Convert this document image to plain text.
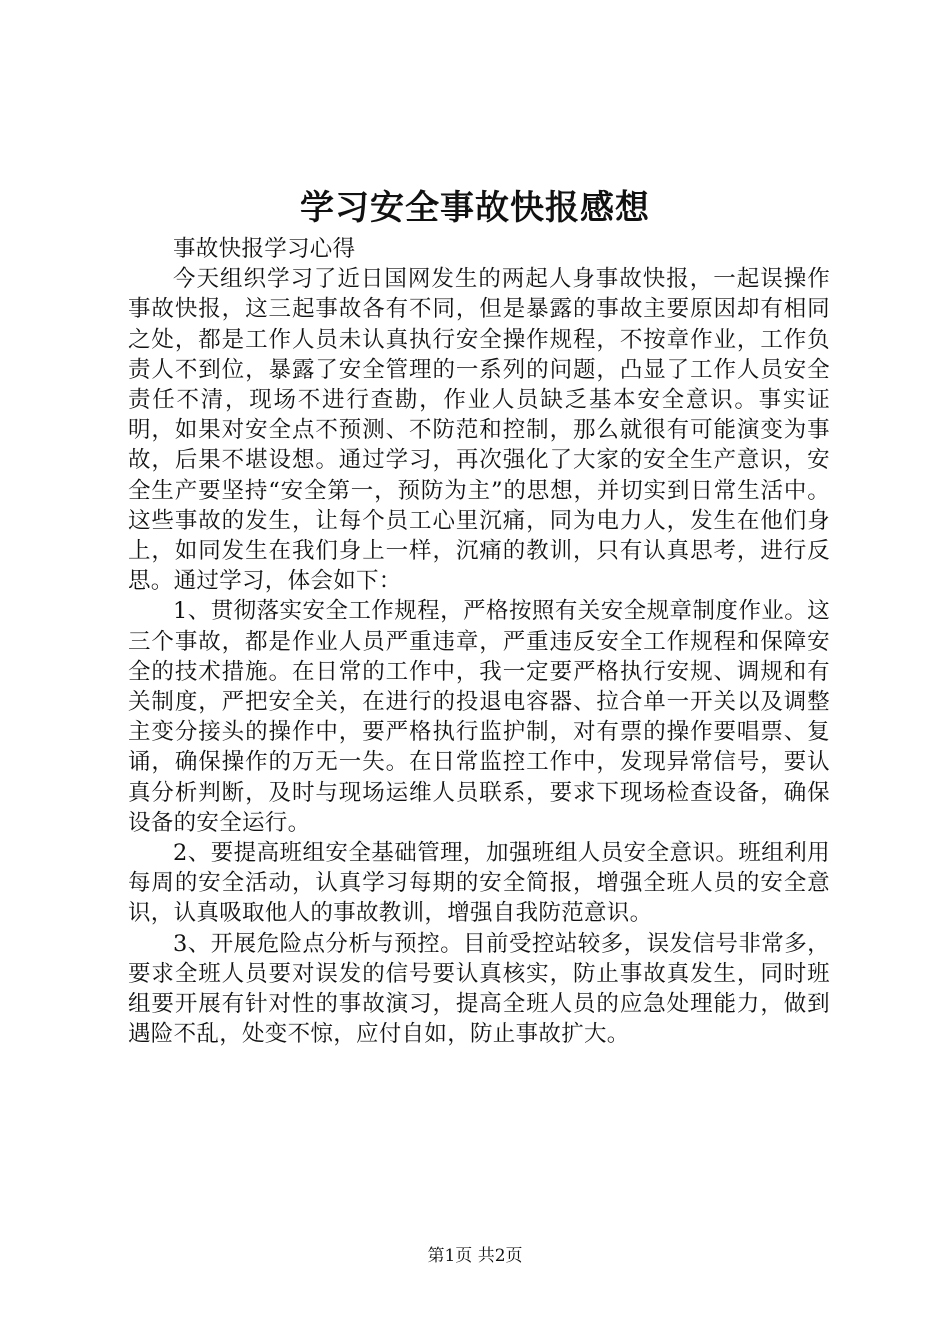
学习安全事故快报感想

事故快报学习心得

今天组织学习了近日国网发生的两起人身事故快报，一起误操作事故快报，这三起事故各有不同，但是暴露的事故主要原因却有相同之处，都是工作人员未认真执行安全操作规程，不按章作业，工作负责人不到位，暴露了安全管理的一系列的问题，凸显了工作人员安全责任不清，现场不进行查勘，作业人员缺乏基本安全意识。事实证明，如果对安全点不预测、不防范和控制，那么就很有可能演变为事故，后果不堪设想。通过学习，再次强化了大家的安全生产意识，安全生产要坚持“安全第一，预防为主”的思想，并切实到日常生活中。这些事故的发生，让每个员工心里沉痛，同为电力人，发生在他们身上，如同发生在我们身上一样，沉痛的教训，只有认真思考，进行反思。通过学习，体会如下：

1、贯彻落实安全工作规程，严格按照有关安全规章制度作业。这三个事故，都是作业人员严重违章，严重违反安全工作规程和保障安全的技术措施。在日常的工作中，我一定要严格执行安规、调规和有关制度，严把安全关，在进行的投退电容器、拉合单一开关以及调整主变分接头的操作中，要严格执行监护制，对有票的操作要唱票、复诵，确保操作的万无一失。在日常监控工作中，发现异常信号，要认真分析判断，及时与现场运维人员联系，要求下现场检查设备，确保设备的安全运行。

2、要提高班组安全基础管理，加强班组人员安全意识。班组利用每周的安全活动，认真学习每期的安全简报，增强全班人员的安全意识，认真吸取他人的事故教训，增强自我防范意识。

3、开展危险点分析与预控。目前受控站较多，误发信号非常多，要求全班人员要对误发的信号要认真核实，防止事故真发生，同时班组要开展有针对性的事故演习，提高全班人员的应急处理能力，做到遇险不乱，处变不惊，应付自如，防止事故扩大。

第1页 共2页
